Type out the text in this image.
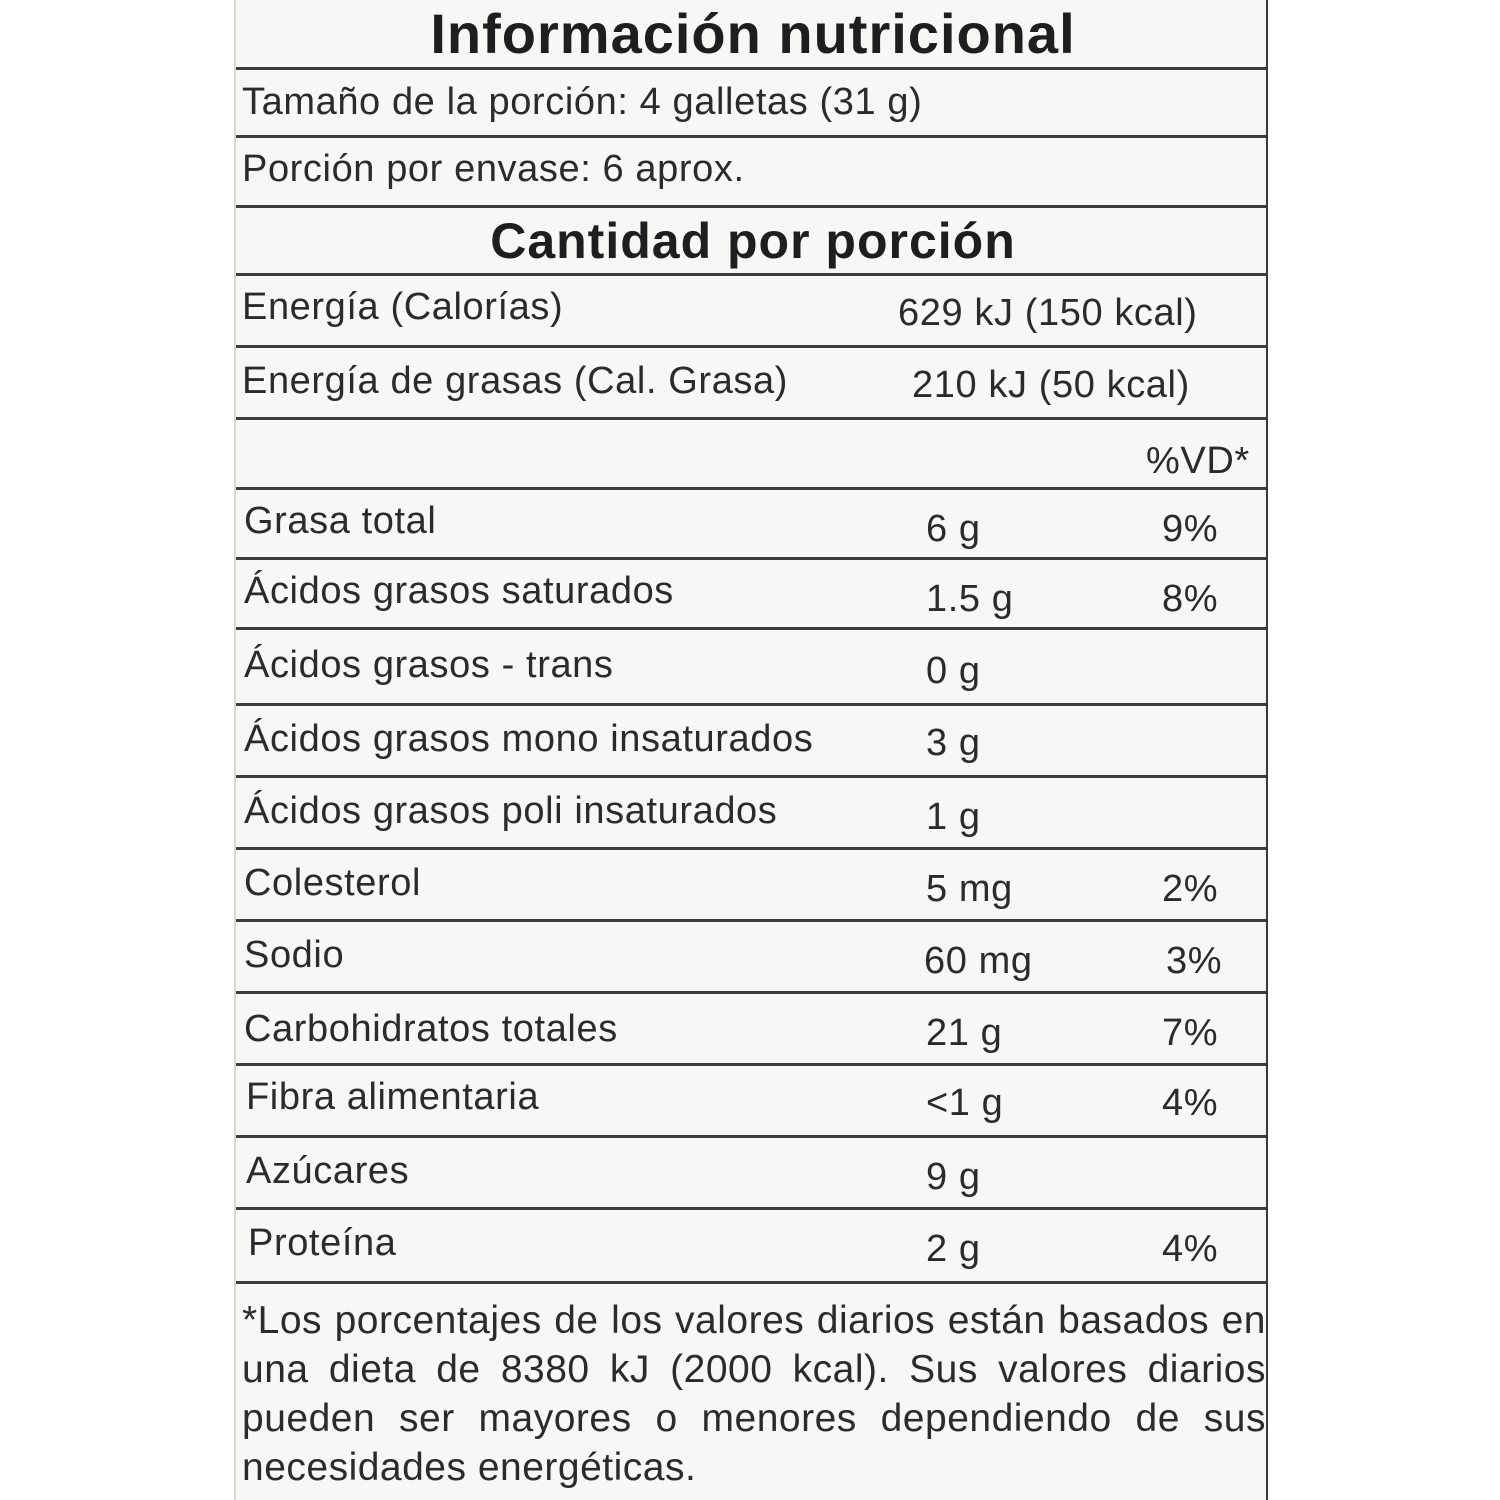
Información nutricional
Tamaño de la porción: 4 galletas (31 g)
Porción por envase: 6 aprox.
Cantidad por porción
Energía (Calorías)	629 kJ (150 kcal)
Energía de grasas (Cal. Grasa)	210 kJ (50 kcal)
%VD*
Grasa total	6 g	9%
Ácidos grasos saturados	1.5 g	8%
Ácidos grasos - trans	0 g
Ácidos grasos mono insaturados	3 g
Ácidos grasos poli insaturados	1 g
Colesterol	5 mg	2%
Sodio	60 mg	3%
Carbohidratos totales	21 g	7%
Fibra alimentaria	<1 g	4%
Azúcares	9 g
Proteína	2 g	4%
*Los porcentajes de los valores diarios están basados en una dieta de 8380 kJ (2000 kcal). Sus valores diarios pueden ser mayores o menores dependiendo de sus necesidades energéticas.
